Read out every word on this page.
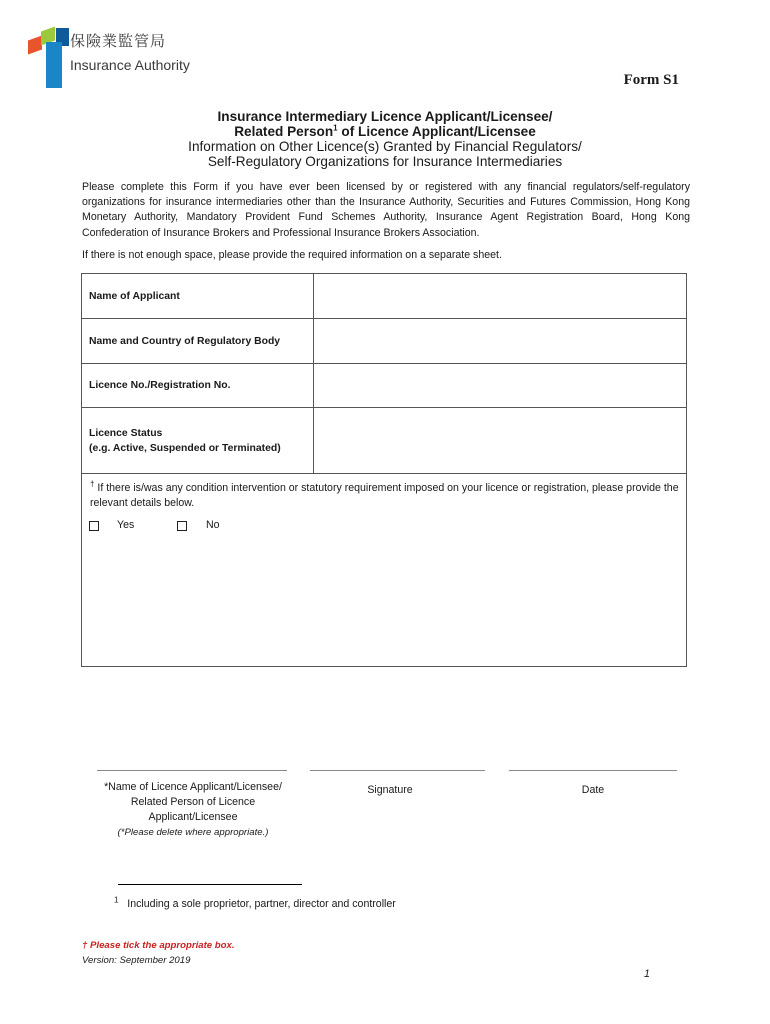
保險業監管局
Insurance Authority
Form S1
Insurance Intermediary Licence Applicant/Licensee/
Related Person$^1$ of Licence Applicant/Licensee
Information on Other Licence(s) Granted by Financial Regulators/
Self-Regulatory Organizations for Insurance Intermediaries
Please complete this Form if you have ever been licensed by or registered with any financial regulators/self-regulatory organizations for insurance intermediaries other than the Insurance Authority, Securities and Futures Commission, Hong Kong Monetary Authority, Mandatory Provident Fund Schemes Authority, Insurance Agent Registration Board, Hong Kong Confederation of Insurance Brokers and Professional Insurance Brokers Association.
If there is not enough space, please provide the required information on a separate sheet.
Name of Applicant	
Name and Country of Regulatory Body	
Licence No./Registration No.	

Licence Status
(e.g. Active, Suspended or Terminated)	

† If there is/was any condition intervention or statutory requirement imposed on your licence or registration, please provide the relevant details below.
Yes	No
*Name of Licence Applicant/Licensee/
Related Person of Licence
Applicant/Licensee
(*Please delete where appropriate.)
Signature	Date
$^1$ Including a sole proprietor, partner, director and controller
† Please tick the appropriate box.
Version: September 2019
1
